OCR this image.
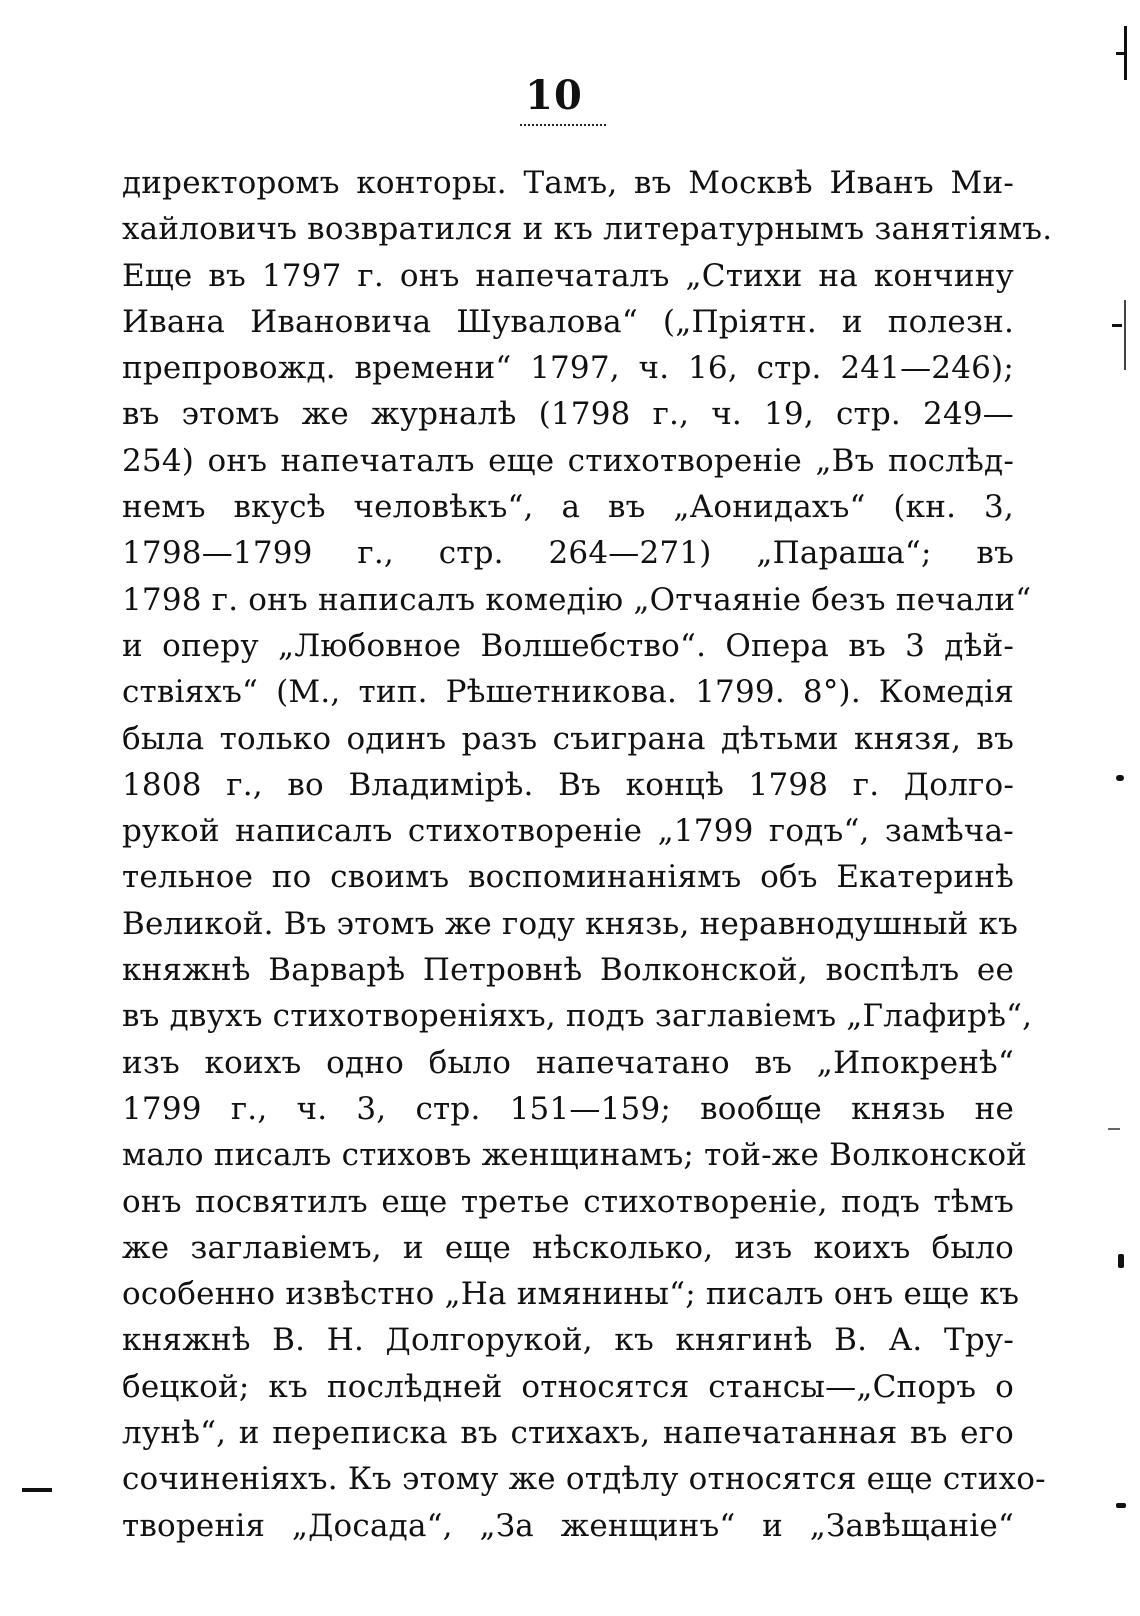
10
директоромъ конторы. Тамъ, въ Москвѣ Иванъ Ми-
хайловичъ возвратился и къ литературнымъ занятіямъ.
Еще въ 1797 г. онъ напечаталъ „Стихи на кончину
Ивана Ивановича Шувалова“ („Пріятн. и полезн.
препровожд. времени“ 1797, ч. 16, стр. 241—246);
въ этомъ же журналѣ (1798 г., ч. 19, стр. 249—
254) онъ напечаталъ еще стихотвореніе „Въ послѣд-
немъ вкусѣ человѣкъ“, а въ „Аонидахъ“ (кн. 3,
1798—1799 г., стр. 264—271) „Параша“; въ
1798 г. онъ написалъ комедію „Отчаяніе безъ печали“
и оперу „Любовное Волшебство“. Опера въ 3 дѣй-
ствіяхъ“ (М., тип. Рѣшетникова. 1799. 8°). Комедія
была только одинъ разъ съиграна дѣтьми князя, въ
1808 г., во Владимірѣ. Въ концѣ 1798 г. Долго-
рукой написалъ стихотвореніе „1799 годъ“, замѣча-
тельное по своимъ воспоминаніямъ объ Екатеринѣ
Великой. Въ этомъ же году князь, неравнодушный къ
княжнѣ Варварѣ Петровнѣ Волконской, воспѣлъ ее
въ двухъ стихотвореніяхъ, подъ заглавіемъ „Глафирѣ“,
изъ коихъ одно было напечатано въ „Ипокренѣ“
1799 г., ч. 3, стр. 151—159; вообще князь не
мало писалъ стиховъ женщинамъ; той-же Волконской
онъ посвятилъ еще третье стихотвореніе, подъ тѣмъ
же заглавіемъ, и еще нѣсколько, изъ коихъ было
особенно извѣстно „На имянины“; писалъ онъ еще къ
княжнѣ В. Н. Долгорукой, къ княгинѣ В. А. Тру-
бецкой; къ послѣдней относятся стансы—„Споръ о
лунѣ“, и переписка въ стихахъ, напечатанная въ его
сочиненіяхъ. Къ этому же отдѣлу относятся еще стихо-
творенія „Досада“, „За женщинъ“ и „Завѣщаніе“
